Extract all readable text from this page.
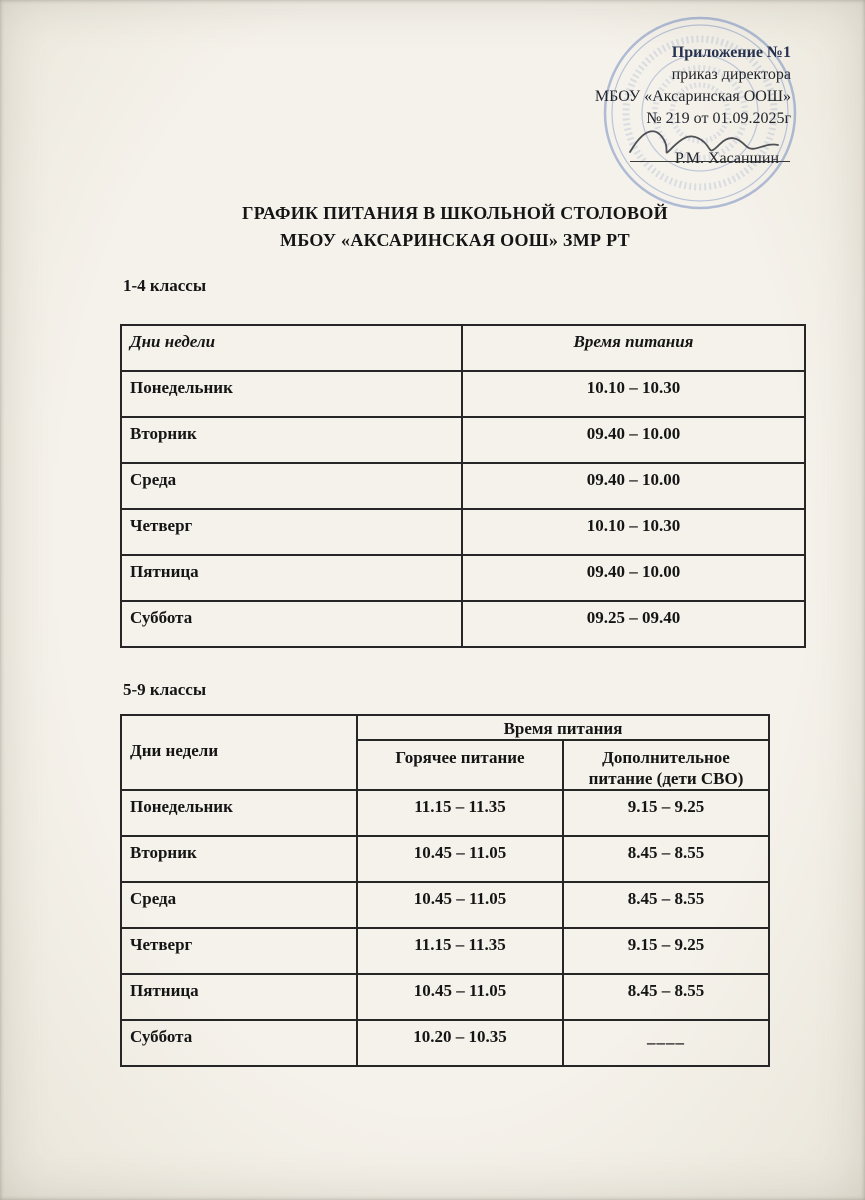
Приложение №1
приказ директора
МБОУ «Аксаринская ООШ»
№ 219 от 01.09.2025г
Р.М. Хасаншин
ГРАФИК ПИТАНИЯ В ШКОЛЬНОЙ СТОЛОВОЙ
МБОУ «АКСАРИНСКАЯ ООШ» ЗМР РТ
1-4 классы
Дни недели	Время питания
Понедельник	10.10 – 10.30
Вторник	09.40 – 10.00
Среда	09.40 – 10.00
Четверг	10.10 – 10.30
Пятница	09.40 – 10.00
Суббота	09.25 – 09.40
5-9 классы
Дни недели	Время питания	
	Горячее питание	Дополнительное питание (дети СВО)
Понедельник	11.15 – 11.35	9.15 – 9.25
Вторник	10.45 – 11.05	8.45 – 8.55
Среда	10.45 – 11.05	8.45 – 8.55
Четверг	11.15 – 11.35	9.15 – 9.25
Пятница	10.45 – 11.05	8.45 – 8.55
Суббота	10.20 – 10.35	____
